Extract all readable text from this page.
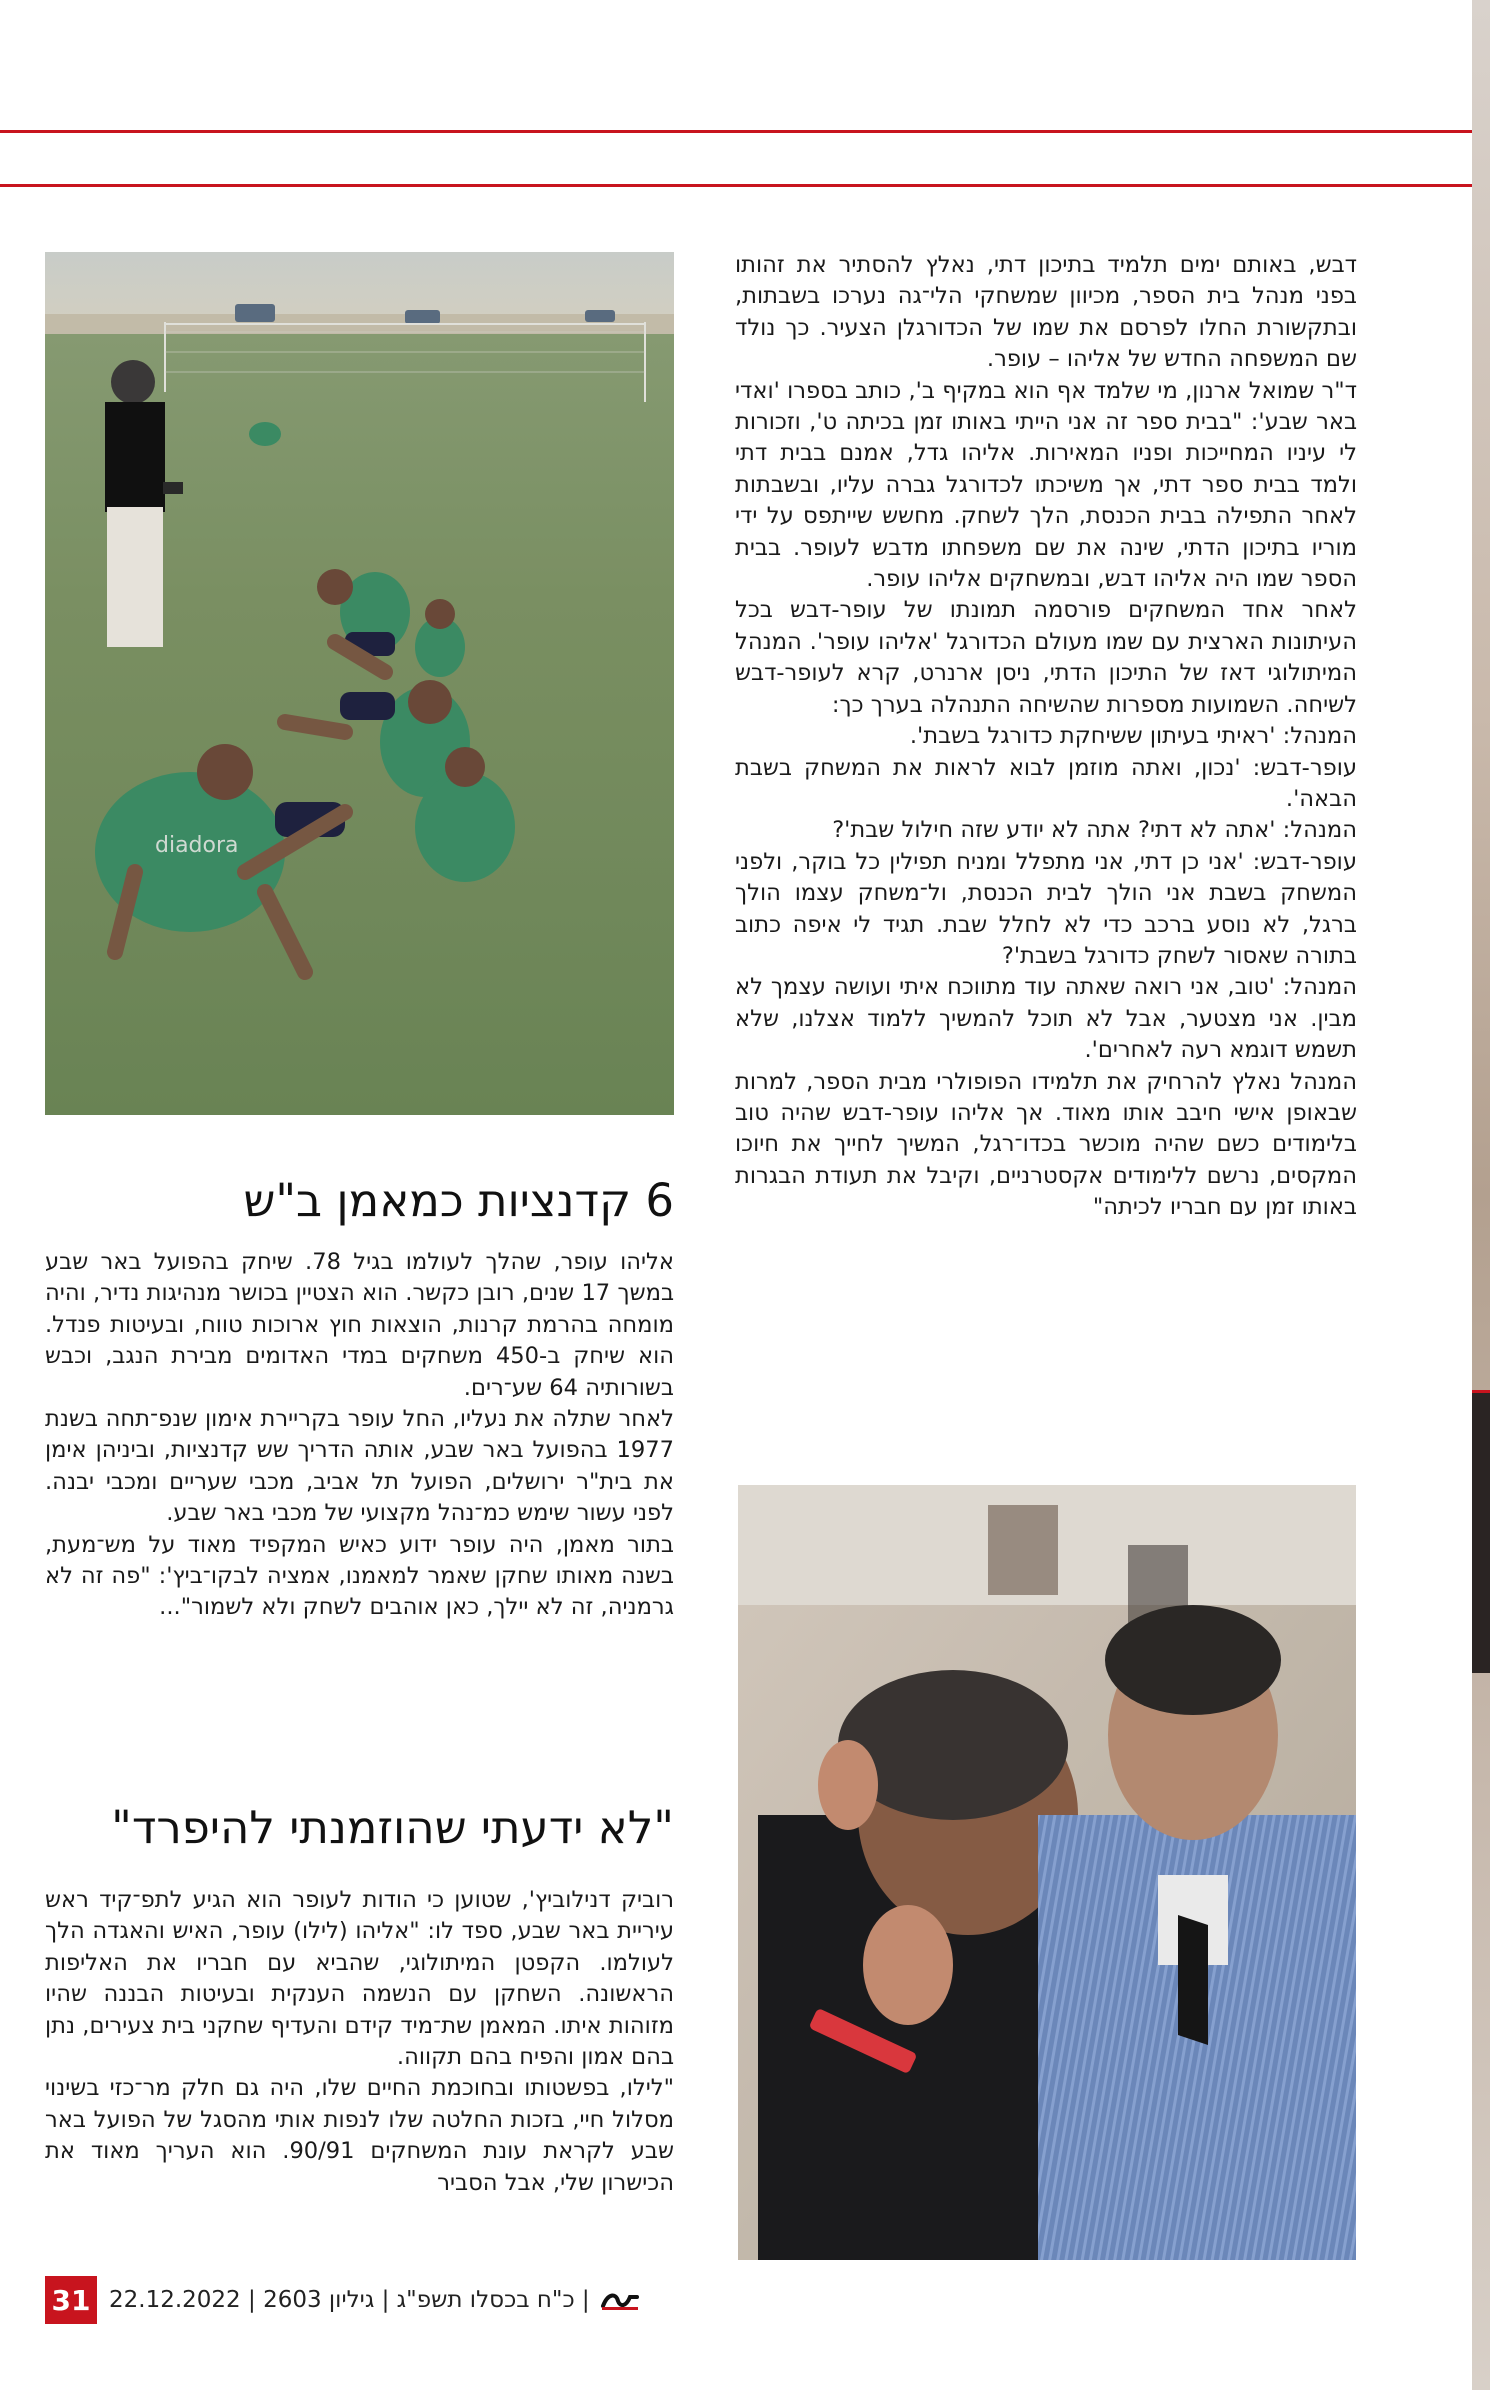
diadora

דבש, באותם ימים תלמיד בתיכון דתי, נאלץ להסתיר את זהותו בפני מנהל בית הספר, מכיוון שמשחקי הלי־גה נערכו בשבתות, ובתקשורת החלו לפרסם את שמו של הכדורגלן הצעיר. כך נולד שם המשפחה החדש של אליהו – עופר.

ד"ר שמואל ארנון, מי שלמד אף הוא במקיף ב', כותב בספרו 'ואדי באר שבע': "בבית ספר זה אני הייתי באותו זמן בכיתה ט', וזכורות לי עיניו המחייכות ופניו המאירות. אליהו גדל, אמנם בבית דתי ולמד בבית ספר דתי, אך משיכתו לכדורגל גברה עליו, ובשבתות לאחר התפילה בבית הכנסת, הלך לשחק. מחשש שייתפס על ידי מוריו בתיכון הדתי, שינה את שם משפחתו מדבש לעופר. בבית הספר שמו היה אליהו דבש, ובמשחקים אליהו עופר.

לאחר אחד המשחקים פורסמה תמונתו של עופר-דבש בכל העיתונות הארצית עם שמו מעולם הכדורגל 'אליהו עופר'. המנהל המיתולוגי דאז של התיכון הדתי, ניסן ארנרט, קרא לעופר-דבש לשיחה. השמועות מספרות שהשיחה התנהלה בערך כך:

המנהל: 'ראיתי בעיתון ששיחקת כדורגל בשבת'.

עופר-דבש: 'נכון, ואתה מוזמן לבוא לראות את המשחק בשבת הבאה'.

המנהל: 'אתה לא דתי? אתה לא יודע שזה חילול שבת'?

עופר-דבש: 'אני כן דתי, אני מתפלל ומניח תפילין כל בוקר, ולפני המשחק בשבת אני הולך לבית הכנסת, ול־משחק עצמו הולך ברגל, לא נוסע ברכב כדי לא לחלל שבת. תגיד לי איפה כתוב בתורה שאסור לשחק כדורגל בשבת'?

המנהל: 'טוב, אני רואה שאתה עוד מתווכח איתי ועושה עצמך לא מבין. אני מצטער, אבל לא תוכל להמשיך ללמוד אצלנו, שלא תשמש דוגמא רעה לאחרים'.

המנהל נאלץ להרחיק את תלמידו הפופולרי מבית הספר, למרות שבאופן אישי חיבב אותו מאוד. אך אליהו עופר-דבש שהיה טוב בלימודים כשם שהיה מוכשר בכדו־רגל, המשיך לחייך את חיוכו המקסים, נרשם ללימודים אקסטרניים, וקיבל את תעודת הבגרות באותו זמן עם חבריו לכיתה"

6 קדנציות כמאמן ב"ש

אליהו עופר, שהלך לעולמו בגיל 78. שיחק בהפועל באר שבע במשך 17 שנים, רובן כקשר. הוא הצטיין בכושר מנהיגות נדיר, והיה מומחה בהרמת קרנות, הוצאות חוץ ארוכות טווח, ובעיטות פנדל. הוא שיחק ב-450 משחקים במדי האדומים מבירת הנגב, וכבש בשורותיה 64 שע־רים.

לאחר שתלה את נעליו, החל עופר בקריירת אימון שנפ־תחה בשנת 1977 בהפועל באר שבע, אותה הדריך שש קדנציות, וביניהן אימן את בית"ר ירושלים, הפועל תל אביב, מכבי שעריים ומכבי יבנה. לפני עשור שימש כמ־נהל מקצועי של מכבי באר שבע.

בתור מאמן, היה עופר ידוע כאיש המקפיד מאוד על מש־מעת, בשנה מאותו שחקן שאמר למאמנו, אמציה לבקו־ביץ': "פה זה לא גרמניה, זה לא יילך, כאן אוהבים לשחק ולא לשמור"...

"לא ידעתי שהוזמנתי להיפרד"

רוביק דנילוביץ', שטוען כי הודות לעופר הוא הגיע לתפ־קיד ראש עיריית באר שבע, ספד לו: "אליהו (לילו) עופר, האיש והאגדה הלך לעולמו. הקפטן המיתולוגי, שהביא עם חבריו את האליפות הראשונה. השחקן עם הנשמה הענקית ובעיטות הבננה שהיו מזוהות איתו. המאמן שת־מיד קידם והעדיף שחקני בית צעירים, נתן בהם אמון והפיח בהם תקווה.

"לילו, בפשטותו ובחוכמת החיים שלו, היה גם חלק מר־כזי בשינוי מסלול חיי, בזכות החלטה שלו לנפות אותי מהסגל של הפועל באר שבע לקראת עונת המשחקים 90/91. הוא העריך מאוד את הכישרון שלי, אבל הסביר

31 22.12.2022 | כ"ח בכסלו תשפ"ג | גיליון 2603 |
